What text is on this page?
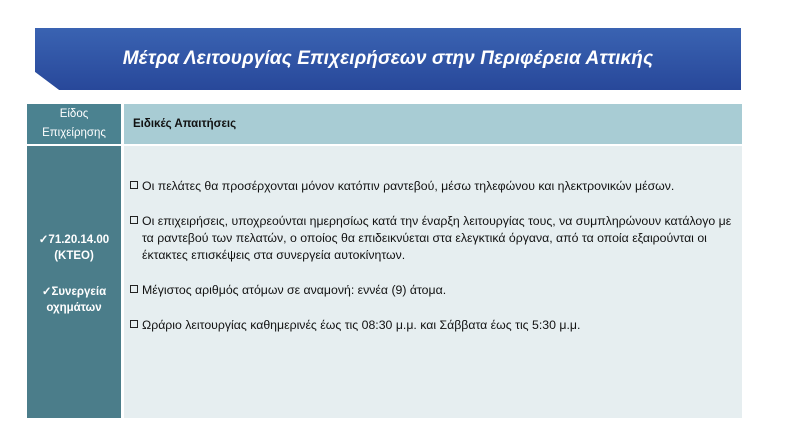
Μέτρα Λειτουργίας Επιχειρήσεων στην Περιφέρεια Αττικής
Είδος
Επιχείρησης
Ειδικές Απαιτήσεις
✓71.20.14.00
(ΚΤΕΟ)
✓Συνεργεία
οχημάτων
Οι πελάτες θα προσέρχονται μόνον κατόπιν ραντεβού, μέσω τηλεφώνου και ηλεκτρονικών μέσων.
Οι επιχειρήσεις, υποχρεούνται ημερησίως κατά την έναρξη λειτουργίας τους, να συμπληρώνουν κατάλογο με τα ραντεβού των πελατών, ο οποίος θα επιδεικνύεται στα ελεγκτικά όργανα, από τα οποία εξαιρούνται οι έκτακτες επισκέψεις στα συνεργεία αυτοκίνητων.
Μέγιστος αριθμός ατόμων σε αναμονή: εννέα (9) άτομα.
Ωράριο λειτουργίας καθημερινές έως τις 08:30 μ.μ. και Σάββατα έως τις 5:30 μ.μ.
